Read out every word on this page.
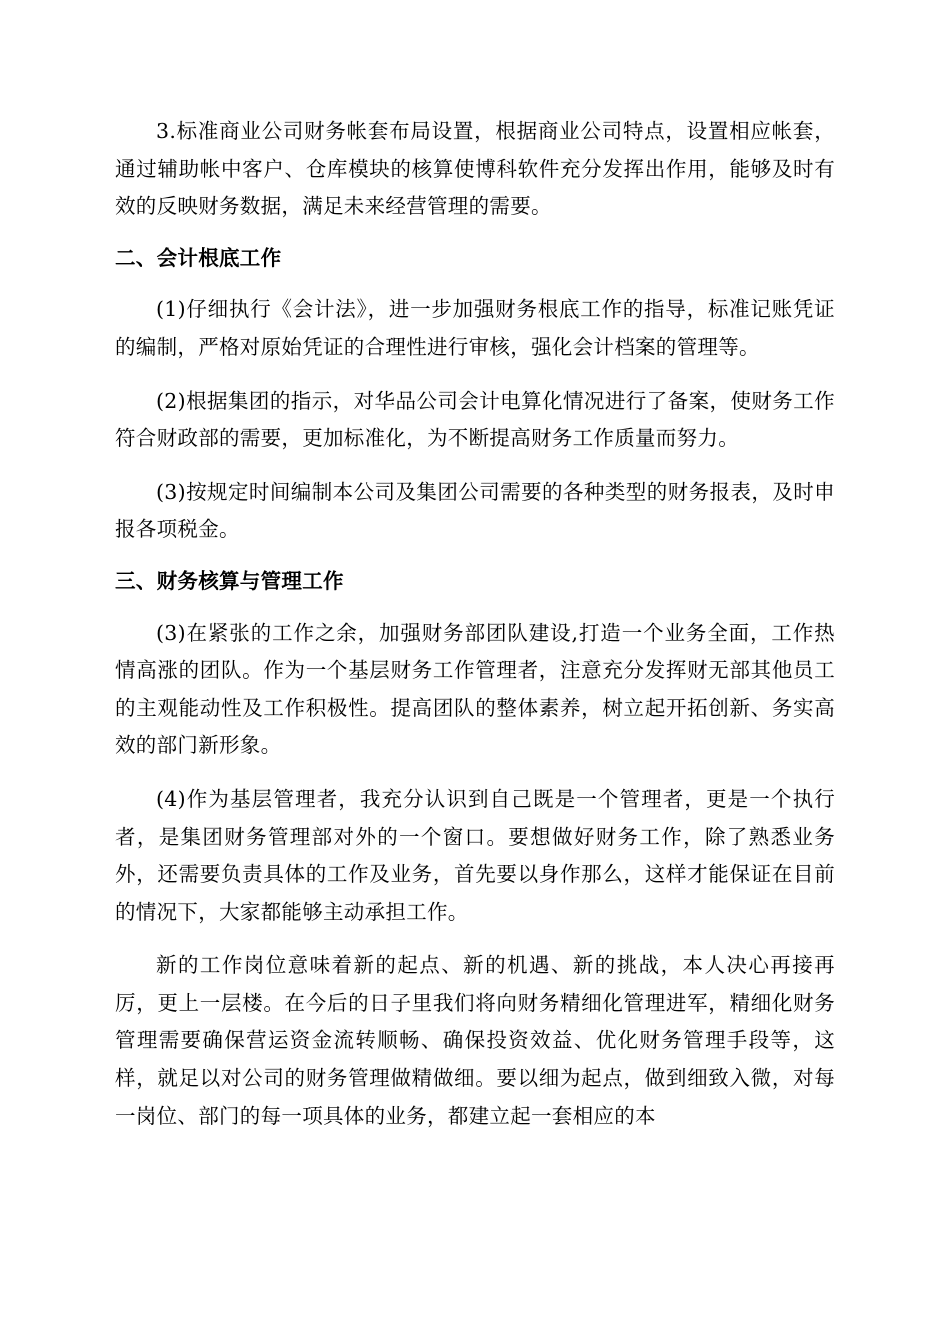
3.标准商业公司财务帐套布局设置，根据商业公司特点，设置相应帐套，通过辅助帐中客户、仓库模块的核算使博科软件充分发挥出作用，能够及时有效的反映财务数据，满足未来经营管理的需要。

二、会计根底工作

(1)仔细执行《会计法》，进一步加强财务根底工作的指导，标准记账凭证的编制，严格对原始凭证的合理性进行审核，强化会计档案的管理等。

(2)根据集团的指示，对华品公司会计电算化情况进行了备案，使财务工作符合财政部的需要，更加标准化，为不断提高财务工作质量而努力。

(3)按规定时间编制本公司及集团公司需要的各种类型的财务报表，及时申报各项税金。

三、财务核算与管理工作

(3)在紧张的工作之余，加强财务部团队建设,打造一个业务全面，工作热情高涨的团队。作为一个基层财务工作管理者，注意充分发挥财无部其他员工的主观能动性及工作积极性。提高团队的整体素养，树立起开拓创新、务实高效的部门新形象。

(4)作为基层管理者，我充分认识到自己既是一个管理者，更是一个执行者，是集团财务管理部对外的一个窗口。要想做好财务工作，除了熟悉业务外，还需要负责具体的工作及业务，首先要以身作那么，这样才能保证在目前的情况下，大家都能够主动承担工作。

新的工作岗位意味着新的起点、新的机遇、新的挑战，本人决心再接再厉，更上一层楼。在今后的日子里我们将向财务精细化管理进军，精细化财务管理需要确保营运资金流转顺畅、确保投资效益、优化财务管理手段等，这样，就足以对公司的财务管理做精做细。要以细为起点，做到细致入微，对每一岗位、部门的每一项具体的业务，都建立起一套相应的本
